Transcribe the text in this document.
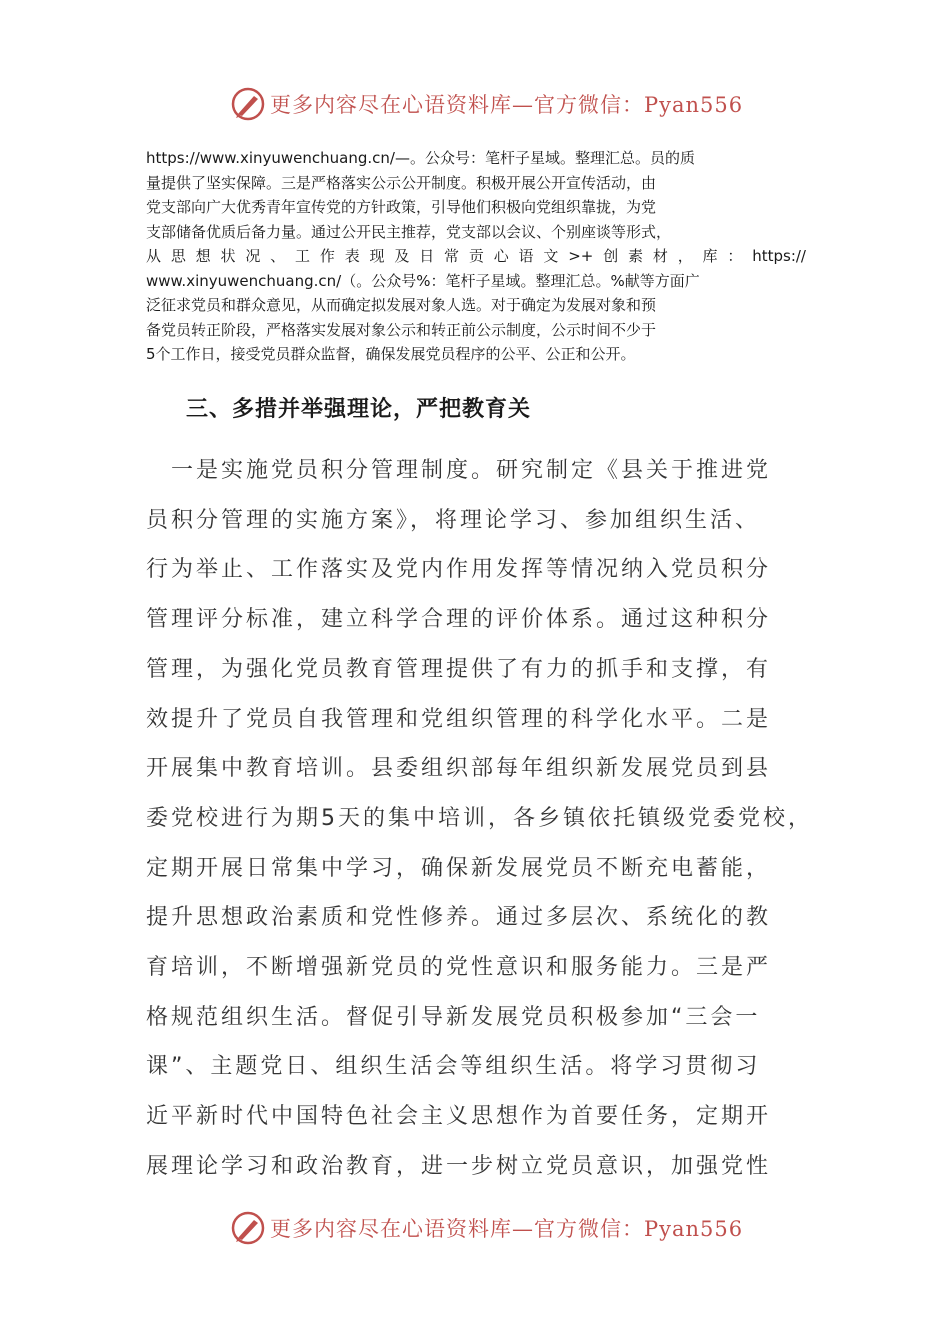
更多内容尽在心语资料库—官方微信：Pyan556
https://www.xinyuwenchuang.cn/—。公众号：笔杆子星域。整理汇总。员的质
量提供了坚实保障。三是严格落实公示公开制度。积极开展公开宣传活动，由
党支部向广大优秀青年宣传党的方针政策，引导他们积极向党组织靠拢，为党
支部储备优质后备力量。通过公开民主推荐，党支部以会议、个别座谈等形式，
从思想状况、工作表现及日常贡心语文>+创素材，库：https://
www.xinyuwenchuang.cn/（。公众号%：笔杆子星域。整理汇总。%献等方面广
泛征求党员和群众意见，从而确定拟发展对象人选。对于确定为发展对象和预
备党员转正阶段，严格落实发展对象公示和转正前公示制度，公示时间不少于
5个工作日，接受党员群众监督，确保发展党员程序的公平、公正和公开。
三、多措并举强理论，严把教育关
　一是实施党员积分管理制度。研究制定《县关于推进党
员积分管理的实施方案》，将理论学习、参加组织生活、
行为举止、工作落实及党内作用发挥等情况纳入党员积分
管理评分标准，建立科学合理的评价体系。通过这种积分
管理，为强化党员教育管理提供了有力的抓手和支撑，有
效提升了党员自我管理和党组织管理的科学化水平。二是
开展集中教育培训。县委组织部每年组织新发展党员到县
委党校进行为期5天的集中培训，各乡镇依托镇级党委党校，
定期开展日常集中学习，确保新发展党员不断充电蓄能，
提升思想政治素质和党性修养。通过多层次、系统化的教
育培训，不断增强新党员的党性意识和服务能力。三是严
格规范组织生活。督促引导新发展党员积极参加“三会一
课”、主题党日、组织生活会等组织生活。将学习贯彻习
近平新时代中国特色社会主义思想作为首要任务，定期开
展理论学习和政治教育，进一步树立党员意识，加强党性
更多内容尽在心语资料库—官方微信：Pyan556
